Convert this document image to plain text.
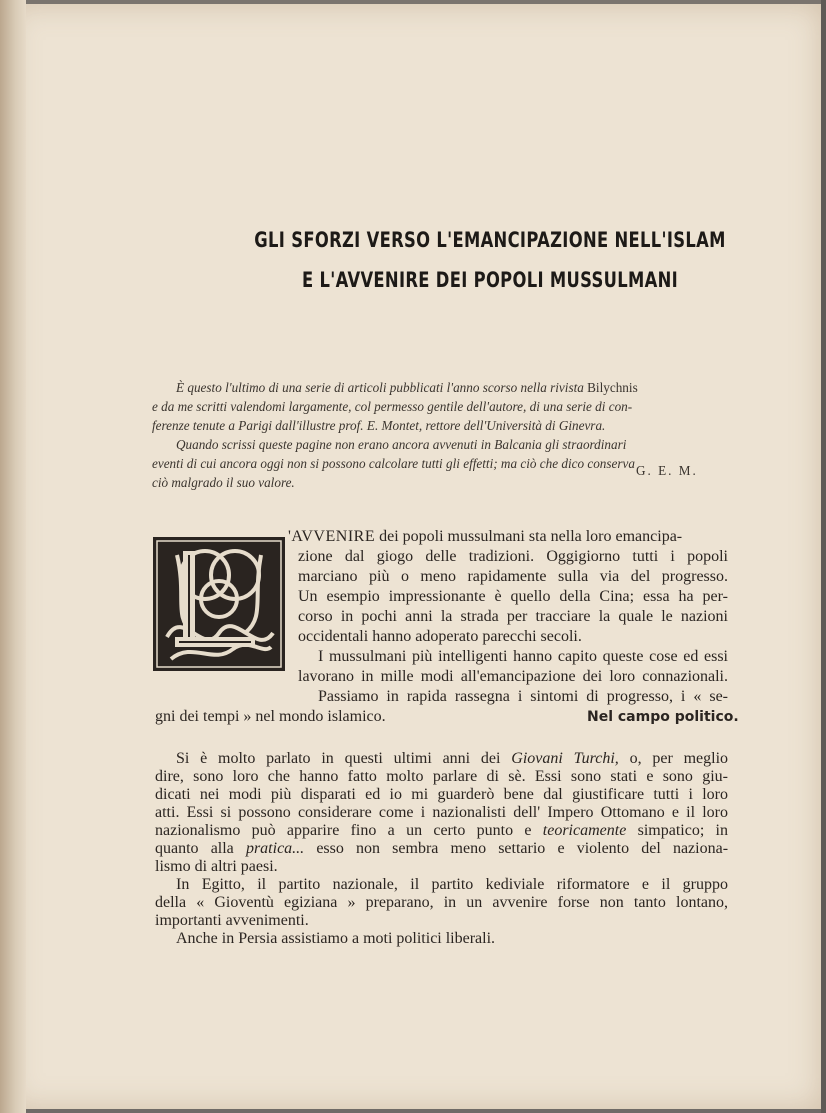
GLI SFORZI VERSO L'EMANCIPAZIONE NELL'ISLAM
E L'AVVENIRE DEI POPOLI MUSSULMANI
È questo l'ultimo di una serie di articoli pubblicati l'anno scorso nella rivista Bilychnis
e da me scritti valendomi largamente, col permesso gentile dell'autore, di una serie di con-
ferenze tenute a Parigi dall'illustre prof. E. Montet, rettore dell'Università di Ginevra.
Quando scrissi queste pagine non erano ancora avvenuti in Balcania gli straordinari
eventi di cui ancora oggi non si possono calcolare tutti gli effetti; ma ciò che dico conserva
ciò malgrado il suo valore.
G. E. M.
'AVVENIRE dei popoli mussulmani sta nella loro emancipa-
zione dal giogo delle tradizioni. Oggigiorno tutti i popoli
marciano più o meno rapidamente sulla via del progresso.
Un esempio impressionante è quello della Cina; essa ha per-
corso in pochi anni la strada per tracciare la quale le nazioni
occidentali hanno adoperato parecchi secoli.
I mussulmani più intelligenti hanno capito queste cose ed essi
lavorano in mille modi all'emancipazione dei loro connazionali.
Passiamo in rapida rassegna i sintomi di progresso, i « se-
gni dei tempi » nel mondo islamico.	Nel campo politico.
Si è molto parlato in questi ultimi anni dei Giovani Turchi, o, per meglio
dire, sono loro che hanno fatto molto parlare di sè. Essi sono stati e sono giu-
dicati nei modi più disparati ed io mi guarderò bene dal giustificare tutti i loro
atti. Essi si possono considerare come i nazionalisti dell' Impero Ottomano e il loro
nazionalismo può apparire fino a un certo punto e teoricamente simpatico; in
quanto alla pratica... esso non sembra meno settario e violento del naziona-
lismo di altri paesi.
In Egitto, il partito nazionale, il partito kediviale riformatore e il gruppo
della « Gioventù egiziana » preparano, in un avvenire forse non tanto lontano,
importanti avvenimenti.
Anche in Persia assistiamo a moti politici liberali.
